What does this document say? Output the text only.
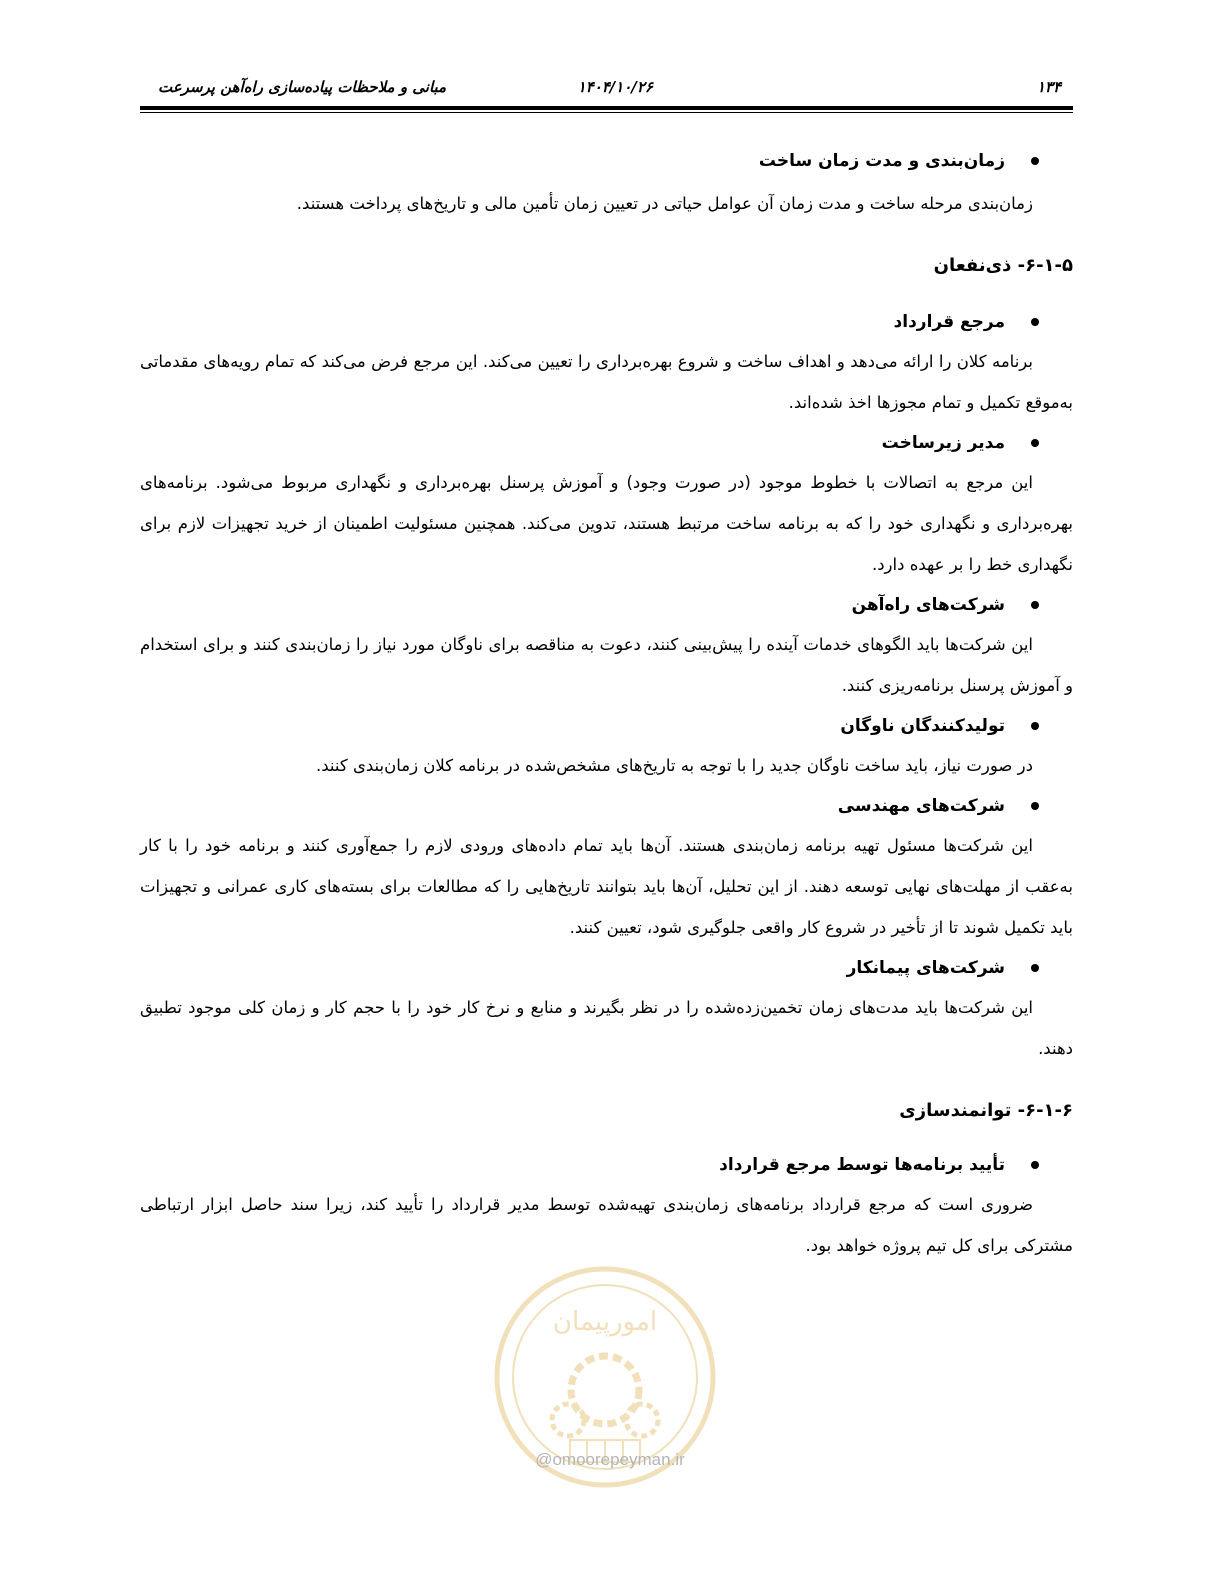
۱۳۴
۱۴۰۴/۱۰/۲۶
مبانی و ملاحظات پیاده‌سازی راه‌آهن پرسرعت

زمان‌بندی و مدت زمان ساخت

زمان‌بندی مرحله ساخت و مدت زمان آن عوامل حیاتی در تعیین زمان تأمین مالی و تاریخ‌های پرداخت هستند.

۶-۱-۵- ذی‌نفعان

مرجع قرارداد

برنامه کلان را ارائه می‌دهد و اهداف ساخت و شروع بهره‌برداری را تعیین می‌کند. این مرجع فرض می‌کند که تمام رویه‌های مقدماتی به‌موقع تکمیل و تمام مجوزها اخذ شده‌اند.

مدیر زیرساخت

این مرجع به اتصالات با خطوط موجود (در صورت وجود) و آموزش پرسنل بهره‌برداری و نگهداری مربوط می‌شود. برنامه‌های بهره‌برداری و نگهداری خود را که به برنامه ساخت مرتبط هستند، تدوین می‌کند. همچنین مسئولیت اطمینان از خرید تجهیزات لازم برای نگهداری خط را بر عهده دارد.

شرکت‌های راه‌آهن

این شرکت‌ها باید الگوهای خدمات آینده را پیش‌بینی کنند، دعوت به مناقصه برای ناوگان مورد نیاز را زمان‌بندی کنند و برای استخدام و آموزش پرسنل برنامه‌ریزی کنند.

تولیدکنندگان ناوگان

در صورت نیاز، باید ساخت ناوگان جدید را با توجه به تاریخ‌های مشخص‌شده در برنامه کلان زمان‌بندی کنند.

شرکت‌های مهندسی

این شرکت‌ها مسئول تهیه برنامه زمان‌بندی هستند. آن‌ها باید تمام داده‌های ورودی لازم را جمع‌آوری کنند و برنامه خود را با کار به‌عقب از مهلت‌های نهایی توسعه دهند. از این تحلیل، آن‌ها باید بتوانند تاریخ‌هایی را که مطالعات برای بسته‌های کاری عمرانی و تجهیزات باید تکمیل شوند تا از تأخیر در شروع کار واقعی جلوگیری شود، تعیین کنند.

شرکت‌های پیمانکار

این شرکت‌ها باید مدت‌های زمان تخمین‌زده‌شده را در نظر بگیرند و منابع و نرخ کار خود را با حجم کار و زمان کلی موجود تطبیق دهند.

۶-۱-۶- توانمندسازی

تأیید برنامه‌ها توسط مرجع قرارداد

ضروری است که مرجع قرارداد برنامه‌های زمان‌بندی تهیه‌شده توسط مدیر قرارداد را تأیید کند، زیرا سند حاصل ابزار ارتباطی مشترکی برای کل تیم پروژه خواهد بود.

امورپیمان
@omoorepeyman.ir
